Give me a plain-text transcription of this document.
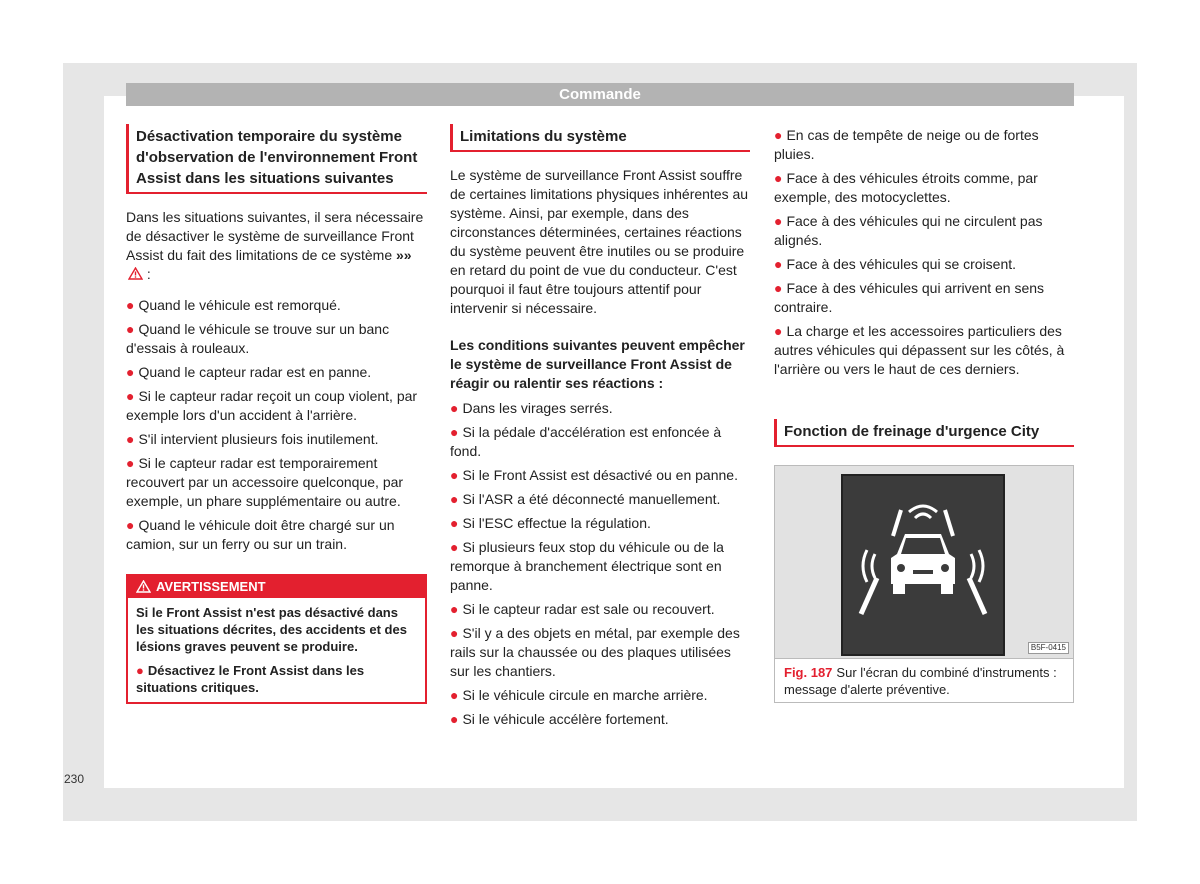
Commande
Désactivation temporaire du système d'observation de l'environnement Front Assist dans les situations suivantes

Dans les situations suivantes, il sera nécessaire de désactiver le système de surveillance Front Assist du fait des limitations de ce système »» :

● Quand le véhicule est remorqué.
● Quand le véhicule se trouve sur un banc d'essais à rouleaux.
● Quand le capteur radar est en panne.
● Si le capteur radar reçoit un coup violent, par exemple lors d'un accident à l'arrière.
● S'il intervient plusieurs fois inutilement.
● Si le capteur radar est temporairement recouvert par un accessoire quelconque, par exemple, un phare supplémentaire ou autre.
● Quand le véhicule doit être chargé sur un camion, sur un ferry ou sur un train.
AVERTISSEMENT

Si le Front Assist n'est pas désactivé dans les situations décrites, des accidents et des lésions graves peuvent se produire.

● Désactivez le Front Assist dans les situations critiques.

Limitations du système

Le système de surveillance Front Assist souffre de certaines limitations physiques inhérentes au système. Ainsi, par exemple, dans des circonstances déterminées, certaines réactions du système peuvent être inutiles ou se produire en retard du point de vue du conducteur. C'est pourquoi il faut être toujours attentif pour intervenir si nécessaire.

Les conditions suivantes peuvent empêcher le système de surveillance Front Assist de réagir ou ralentir ses réactions :

● Dans les virages serrés.
● Si la pédale d'accélération est enfoncée à fond.
● Si le Front Assist est désactivé ou en panne.
● Si l'ASR a été déconnecté manuellement.
● Si l'ESC effectue la régulation.
● Si plusieurs feux stop du véhicule ou de la remorque à branchement électrique sont en panne.
● Si le capteur radar est sale ou recouvert.
● S'il y a des objets en métal, par exemple des rails sur la chaussée ou des plaques utilisées sur les chantiers.
● Si le véhicule circule en marche arrière.
● Si le véhicule accélère fortement.
● En cas de tempête de neige ou de fortes pluies.
● Face à des véhicules étroits comme, par exemple, des motocyclettes.
● Face à des véhicules qui ne circulent pas alignés.
● Face à des véhicules qui se croisent.
● Face à des véhicules qui arrivent en sens contraire.
● La charge et les accessoires particuliers des autres véhicules qui dépassent sur les côtés, à l'arrière ou vers le haut de ces derniers.
Fonction de freinage d'urgence City
B5F-0415
Fig. 187 Sur l'écran du combiné d'instruments : message d'alerte préventive.
230
